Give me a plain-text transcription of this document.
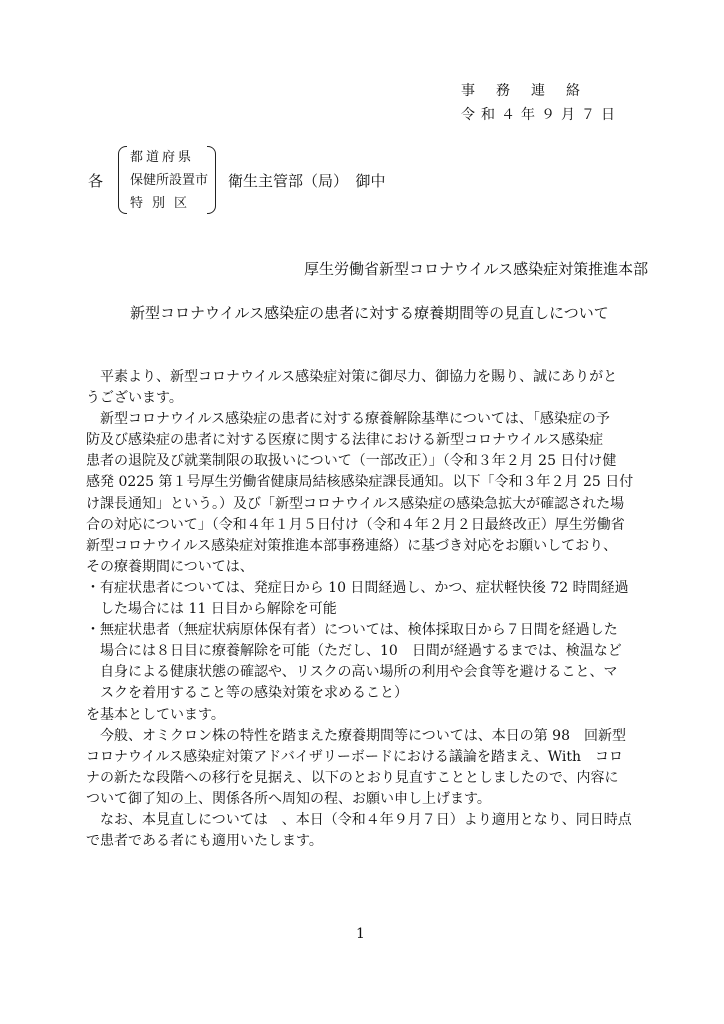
事務連絡
令和４年９月７日
各
都道府県
保健所設置市
特別区
衛生主管部（局）　御中
厚生労働省新型コロナウイルス感染症対策推進本部
新型コロナウイルス感染症の患者に対する療養期間等の見直しについて
　平素より、新型コロナウイルス感染症対策に御尽力、御協力を賜り、誠にありがと
うございます。
　新型コロナウイルス感染症の患者に対する療養解除基準については、「感染症の予
防及び感染症の患者に対する医療に関する法律における新型コロナウイルス感染症
患者の退院及び就業制限の取扱いについて（一部改正）」（令和３年２月 25 日付け健
感発 0225 第１号厚生労働省健康局結核感染症課長通知。以下「令和３年２月 25 日付
け課長通知」という。）及び「新型コロナウイルス感染症の感染急拡大が確認された場
合の対応について」（令和４年１月５日付け（令和４年２月２日最終改正）厚生労働省
新型コロナウイルス感染症対策推進本部事務連絡）に基づき対応をお願いしており、
その療養期間については、
・有症状患者については、発症日から 10 日間経過し、かつ、症状軽快後 72 時間経過
　した場合には 11 日目から解除を可能
・無症状患者（無症状病原体保有者）については、検体採取日から７日間を経過した
　場合には８日目に療養解除を可能（ただし、10　日間が経過するまでは、検温など
　自身による健康状態の確認や、リスクの高い場所の利用や会食等を避けること、マ
　スクを着用すること等の感染対策を求めること）
を基本としています。
　今般、オミクロン株の特性を踏まえた療養期間等については、本日の第 98　回新型
コロナウイルス感染症対策アドバイザリーボードにおける議論を踏まえ、With　コロ
ナの新たな段階への移行を見据え、以下のとおり見直すこととしましたので、内容に
ついて御了知の上、関係各所へ周知の程、お願い申し上げます。
　なお、本見直しについては　、本日（令和４年９月７日）より適用となり、同日時点
で患者である者にも適用いたします。
1
